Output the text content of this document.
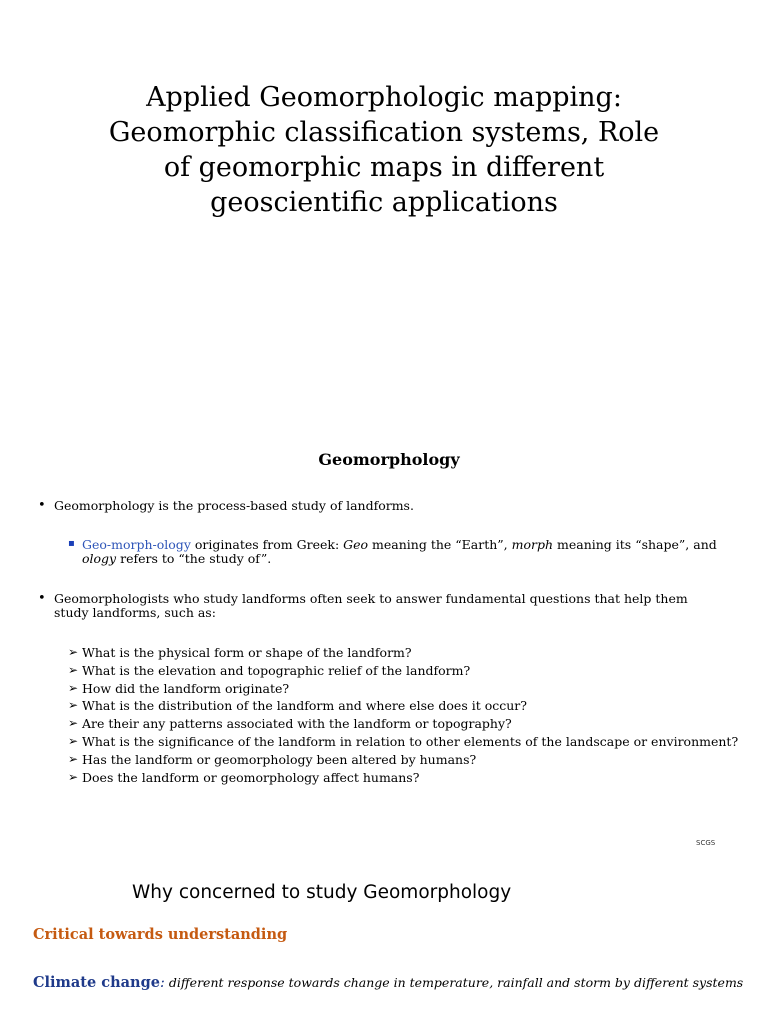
Applied Geomorphologic mapping:
Geomorphic classification systems, Role
of geomorphic maps in different
geoscientific applications
Geomorphology
• Geomorphology is the process-based study of landforms.
▪ Geo-morph-ology originates from Greek: Geo meaning the “Earth”, morph meaning its “shape”, and ology refers to “the study of”.
• Geomorphologists who study landforms often seek to answer fundamental questions that help them study landforms, such as:
➢ What is the physical form or shape of the landform?
➢ What is the elevation and topographic relief of the landform?
➢ How did the landform originate?
➢ What is the distribution of the landform and where else does it occur?
➢ Are their any patterns associated with the landform or topography?
➢ What is the significance of the landform in relation to other elements of the landscape or environment?
➢ Has the landform or geomorphology been altered by humans?
➢ Does the landform or geomorphology affect humans?
SCGS
Why concerned to study Geomorphology
Critical towards understanding
Climate change: different response towards change in temperature, rainfall and storm by different systems
